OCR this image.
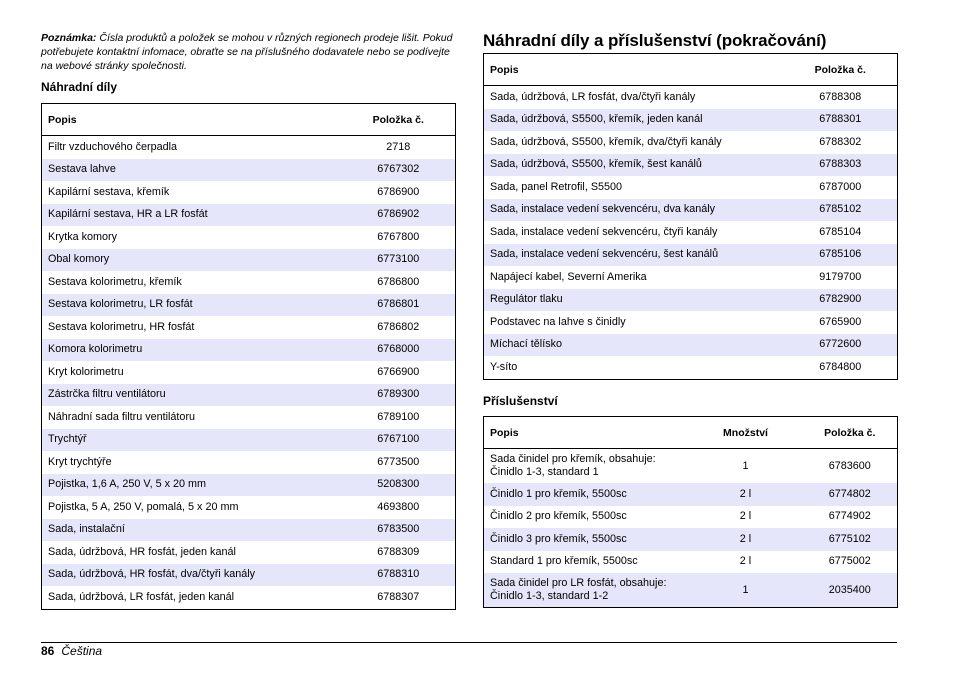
Poznámka: Čísla produktů a položek se mohou v různých regionech prodeje lišit. Pokud potřebujete kontaktní infomace, obraťte se na příslušného dodavatele nebo se podívejte na webové stránky společnosti.
Náhradní díly
Popis	Položka č.
Filtr vzduchového čerpadla	2718
Sestava lahve	6767302
Kapilární sestava, křemík	6786900
Kapilární sestava, HR a LR fosfát	6786902
Krytka komory	6767800
Obal komory	6773100
Sestava kolorimetru, křemík	6786800
Sestava kolorimetru, LR fosfát	6786801
Sestava kolorimetru, HR fosfát	6786802
Komora kolorimetru	6768000
Kryt kolorimetru	6766900
Zástrčka filtru ventilátoru	6789300
Náhradní sada filtru ventilátoru	6789100
Trychtýř	6767100
Kryt trychtýře	6773500
Pojistka, 1,6 A, 250 V, 5 x 20 mm	5208300
Pojistka, 5 A, 250 V, pomalá, 5 x 20 mm	4693800
Sada, instalační	6783500
Sada, údržbová, HR fosfát, jeden kanál	6788309
Sada, údržbová, HR fosfát, dva/čtyři kanály	6788310
Sada, údržbová, LR fosfát, jeden kanál	6788307
Náhradní díly a příslušenství (pokračování)
Popis	Položka č.
Sada, údržbová, LR fosfát, dva/čtyři kanály	6788308
Sada, údržbová, S5500, křemík, jeden kanál	6788301
Sada, údržbová, S5500, křemík, dva/čtyři kanály	6788302
Sada, údržbová, S5500, křemík, šest kanálů	6788303
Sada, panel Retrofil, S5500	6787000
Sada, instalace vedení sekvencéru, dva kanály	6785102
Sada, instalace vedení sekvencéru, čtyři kanály	6785104
Sada, instalace vedení sekvencéru, šest kanálů	6785106
Napájecí kabel, Severní Amerika	9179700
Regulátor tlaku	6782900
Podstavec na lahve s činidly	6765900
Míchací tělísko	6772600
Y-síto	6784800
Příslušenství
Popis	Množství	Položka č.
Sada činidel pro křemík, obsahuje:
Činidlo 1-3, standard 1	1	6783600
Činidlo 1 pro křemík, 5500sc	2 l	6774802
Činidlo 2 pro křemík, 5500sc	2 l	6774902
Činidlo 3 pro křemík, 5500sc	2 l	6775102
Standard 1 pro křemík, 5500sc	2 l	6775002
Sada činidel pro LR fosfát, obsahuje:
Činidlo 1-3, standard 1-2	1	2035400
86 Čeština
